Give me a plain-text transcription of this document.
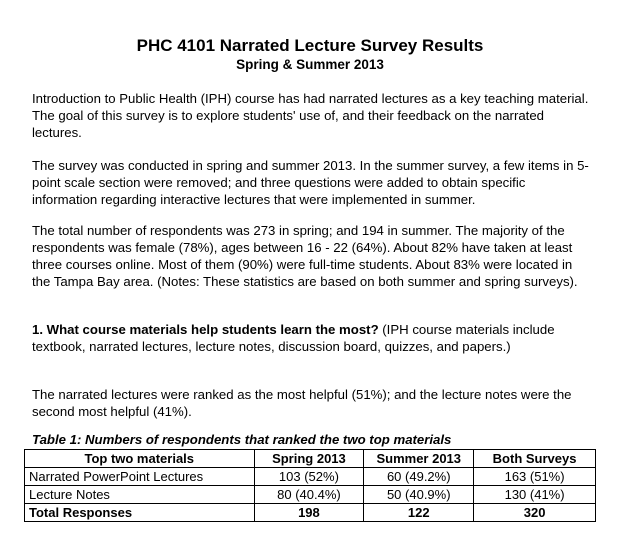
PHC 4101 Narrated Lecture Survey Results
Spring & Summer 2013

Introduction to Public Health (IPH) course has had narrated lectures as a key teaching material. The goal of this survey is to explore students' use of, and their feedback on the narrated lectures.

The survey was conducted in spring and summer 2013. In the summer survey, a few items in 5-point scale section were removed; and three questions were added to obtain specific information regarding interactive lectures that were implemented in summer.

The total number of respondents was 273 in spring; and 194 in summer. The majority of the respondents was female (78%), ages between 16 - 22 (64%). About 82% have taken at least three courses online. Most of them (90%) were full-time students. About 83% were located in the Tampa Bay area. (Notes: These statistics are based on both summer and spring surveys).

1. What course materials help students learn the most? (IPH course materials include textbook, narrated lectures, lecture notes, discussion board, quizzes, and papers.)

The narrated lectures were ranked as the most helpful (51%); and the lecture notes were the second most helpful (41%).

Table 1: Numbers of respondents that ranked the two top materials
Top two materials	Spring 2013	Summer 2013	Both Surveys
Narrated PowerPoint Lectures	103 (52%)	60 (49.2%)	163 (51%)
Lecture Notes	80 (40.4%)	50 (40.9%)	130 (41%)
Total Responses	198	122	320
